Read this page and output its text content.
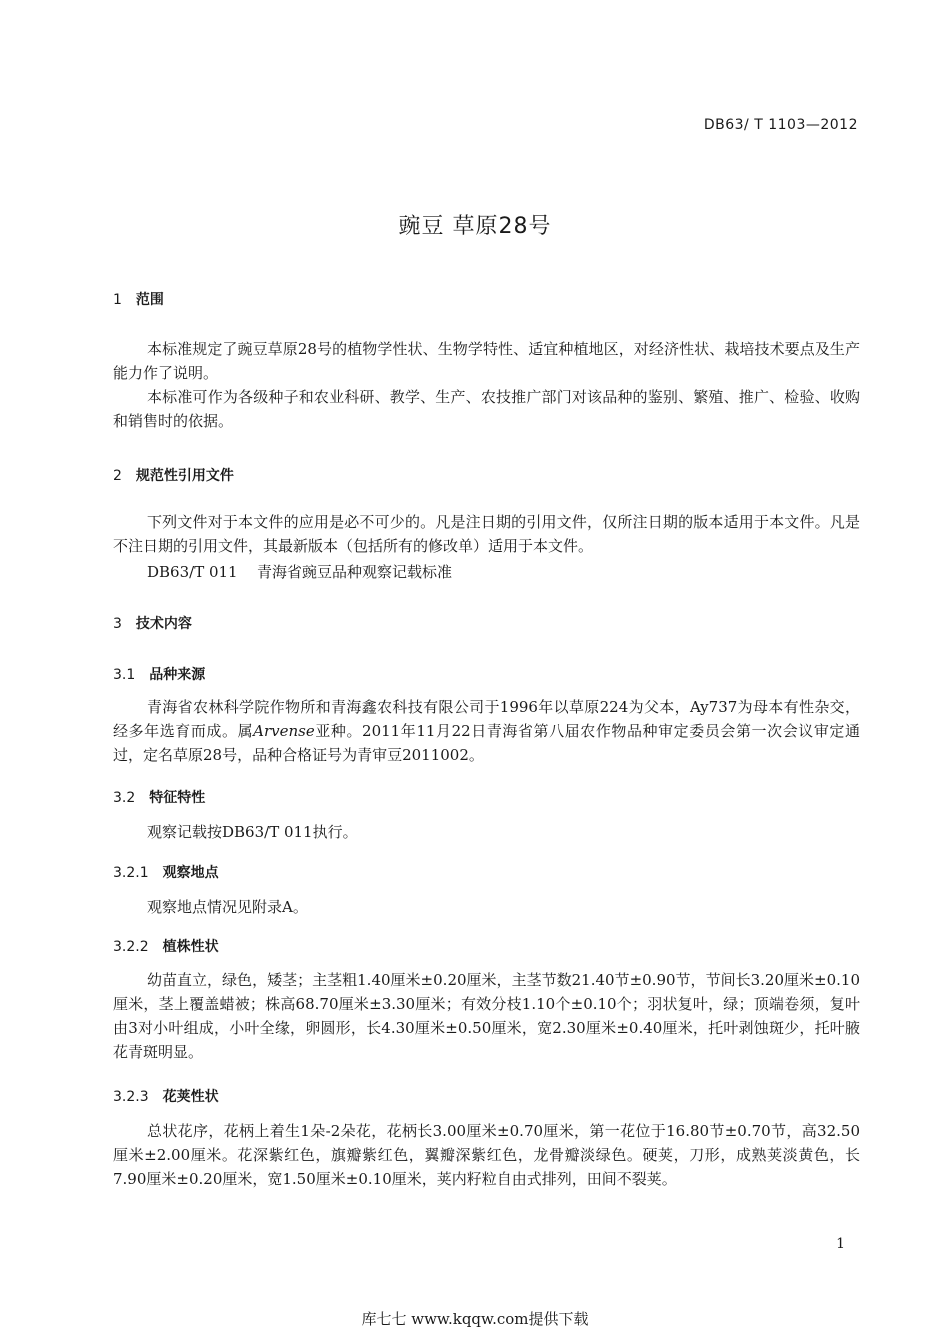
DB63/ T 1103—2012
豌豆 草原28号
1 范围

本标准规定了豌豆草原28号的植物学性状、生物学特性、适宜种植地区，对经济性状、栽培技术要点及生产能力作了说明。

本标准可作为各级种子和农业科研、教学、生产、农技推广部门对该品种的鉴别、繁殖、推广、检验、收购和销售时的依据。

2 规范性引用文件

下列文件对于本文件的应用是必不可少的。凡是注日期的引用文件，仅所注日期的版本适用于本文件。凡是不注日期的引用文件，其最新版本（包括所有的修改单）适用于本文件。

DB63/T 011 青海省豌豆品种观察记载标准
3 技术内容
3.1 品种来源

青海省农林科学院作物所和青海鑫农科技有限公司于1996年以草原224为父本，Ay737为母本有性杂交，经多年选育而成。属Arvense亚种。2011年11月22日青海省第八届农作物品种审定委员会第一次会议审定通过，定名草原28号，品种合格证号为青审豆2011002。

3.2 特征特性

观察记载按DB63/T 011执行。

3.2.1 观察地点

观察地点情况见附录A。

3.2.2 植株性状

幼苗直立，绿色，矮茎；主茎粗1.40厘米±0.20厘米，主茎节数21.40节±0.90节，节间长3.20厘米±0.10厘米，茎上覆盖蜡被；株高68.70厘米±3.30厘米；有效分枝1.10个±0.10个；羽状复叶，绿；顶端卷须，复叶由3对小叶组成，小叶全缘，卵圆形，长4.30厘米±0.50厘米，宽2.30厘米±0.40厘米，托叶剥蚀斑少，托叶腋花青斑明显。

3.2.3 花荚性状

总状花序，花柄上着生1朵-2朵花，花柄长3.00厘米±0.70厘米，第一花位于16.80节±0.70节，高32.50厘米±2.00厘米。花深紫红色，旗瓣紫红色，翼瓣深紫红色，龙骨瓣淡绿色。硬荚，刀形，成熟荚淡黄色，长7.90厘米±0.20厘米，宽1.50厘米±0.10厘米，荚内籽粒自由式排列，田间不裂荚。

1
库七七 www.kqqw.com提供下载
